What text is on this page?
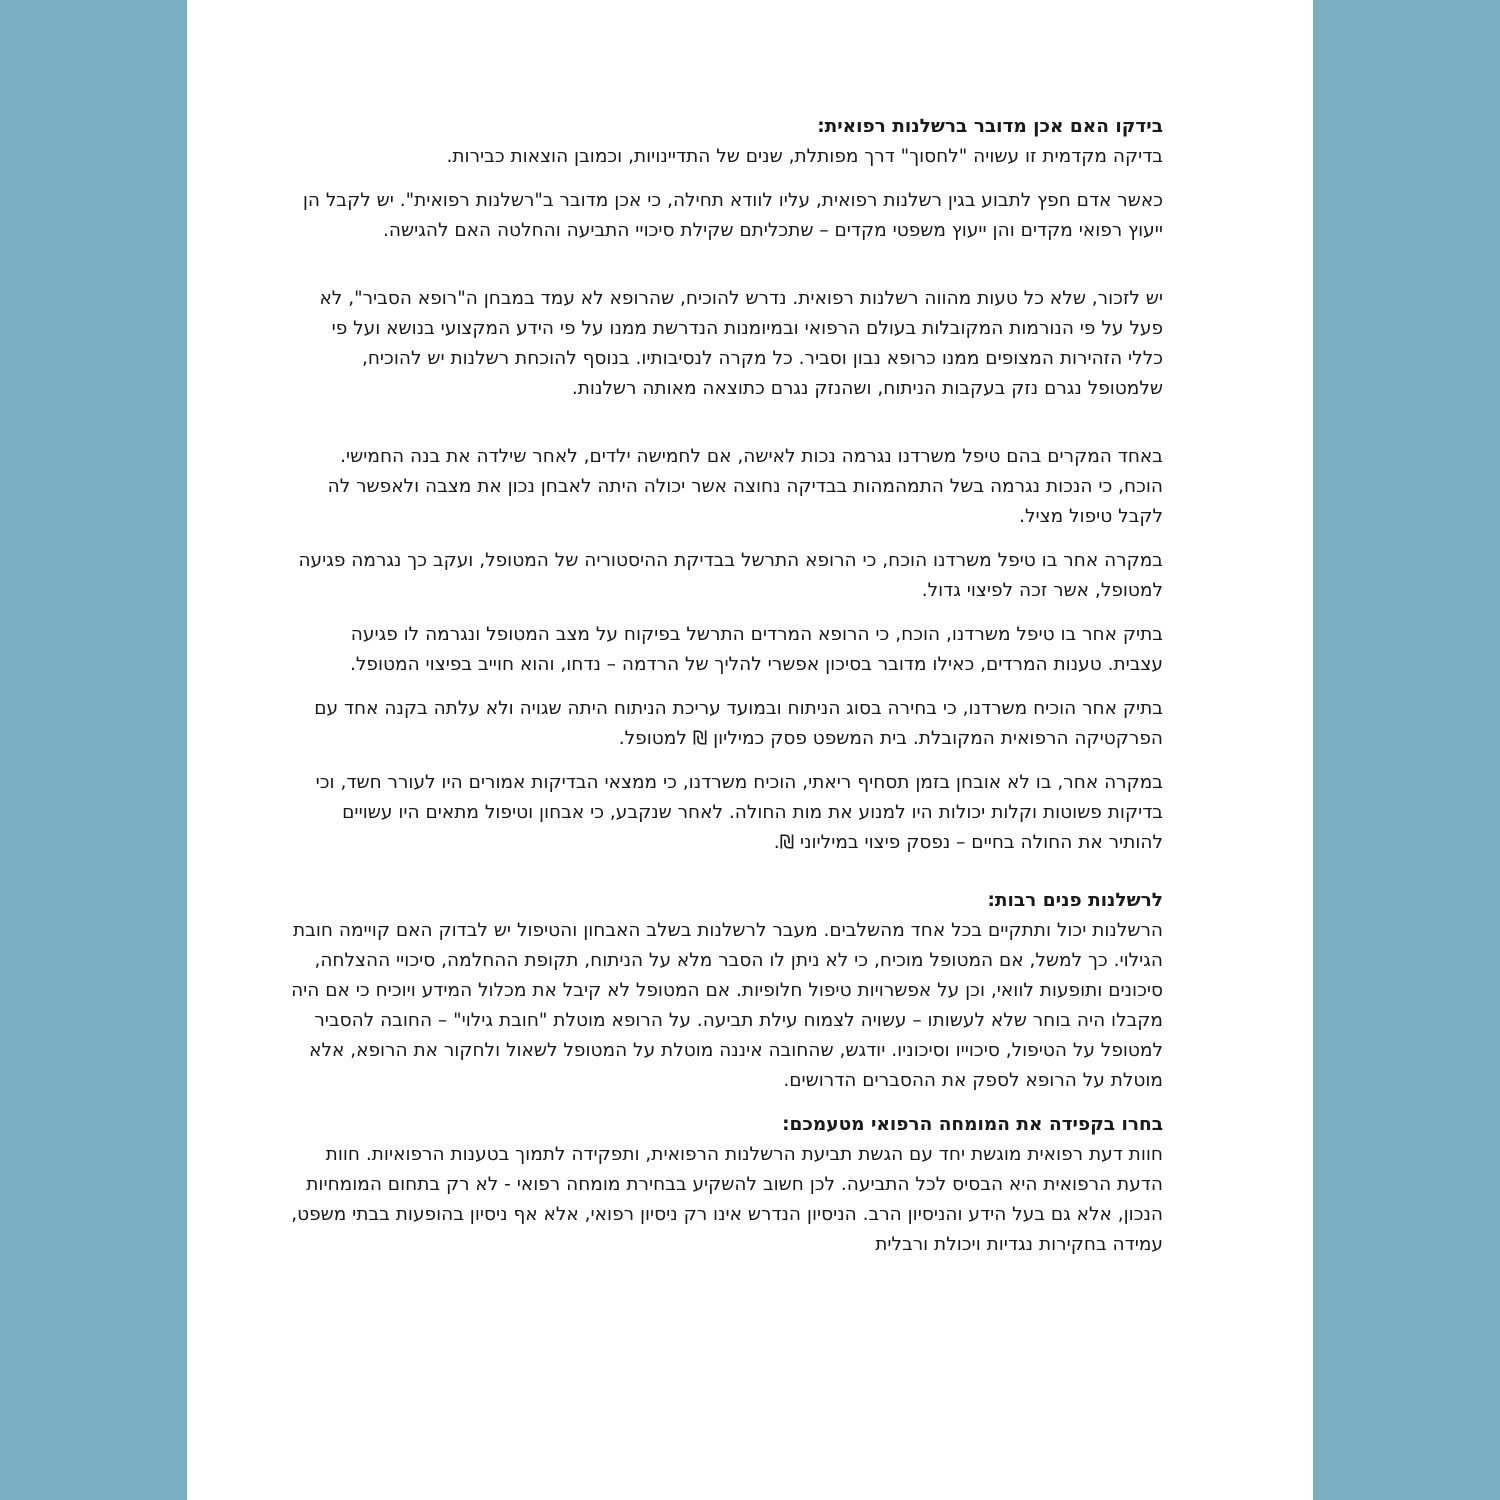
בידקו האם אכן מדובר ברשלנות רפואית:

בדיקה מקדמית זו עשויה "לחסוך" דרך מפותלת, שנים של התדיינויות, וכמובן הוצאות כבירות.

כאשר אדם חפץ לתבוע בגין רשלנות רפואית, עליו לוודא תחילה, כי אכן מדובר ב"רשלנות רפואית". יש לקבל הן ייעוץ רפואי מקדים והן ייעוץ משפטי מקדים – שתכליתם שקילת סיכויי התביעה והחלטה האם להגישה.

יש לזכור, שלא כל טעות מהווה רשלנות רפואית. נדרש להוכיח, שהרופא לא עמד במבחן ה"רופא הסביר", לא פעל על פי הנורמות המקובלות בעולם הרפואי ובמיומנות הנדרשת ממנו על פי הידע המקצועי בנושא ועל פי כללי הזהירות המצופים ממנו כרופא נבון וסביר. כל מקרה לנסיבותיו. בנוסף להוכחת רשלנות יש להוכיח, שלמטופל נגרם נזק בעקבות הניתוח, ושהנזק נגרם כתוצאה מאותה רשלנות.

באחד המקרים בהם טיפל משרדנו נגרמה נכות לאישה, אם לחמישה ילדים, לאחר שילדה את בנה החמישי. הוכח, כי הנכות נגרמה בשל התמהמהות בבדיקה נחוצה אשר יכולה היתה לאבחן נכון את מצבה ולאפשר לה לקבל טיפול מציל.

במקרה אחר בו טיפל משרדנו הוכח, כי הרופא התרשל בבדיקת ההיסטוריה של המטופל, ועקב כך נגרמה פגיעה למטופל, אשר זכה לפיצוי גדול.

בתיק אחר בו טיפל משרדנו, הוכח, כי הרופא המרדים התרשל בפיקוח על מצב המטופל ונגרמה לו פגיעה עצבית. טענות המרדים, כאילו מדובר בסיכון אפשרי להליך של הרדמה – נדחו, והוא חוייב בפיצוי המטופל.

בתיק אחר הוכיח משרדנו, כי בחירה בסוג הניתוח ובמועד עריכת הניתוח היתה שגויה ולא עלתה בקנה אחד עם הפרקטיקה הרפואית המקובלת. בית המשפט פסק כמיליון ₪ למטופל.

במקרה אחר, בו לא אובחן בזמן תסחיף ריאתי, הוכיח משרדנו, כי ממצאי הבדיקות אמורים היו לעורר חשד, וכי בדיקות פשוטות וקלות יכולות היו למנוע את מות החולה. לאחר שנקבע, כי אבחון וטיפול מתאים היו עשויים להותיר את החולה בחיים – נפסק פיצוי במיליוני ₪.

לרשלנות פנים רבות:

הרשלנות יכול ותתקיים בכל אחד מהשלבים. מעבר לרשלנות בשלב האבחון והטיפול יש לבדוק האם קויימה חובת הגילוי. כך למשל, אם המטופל מוכיח, כי לא ניתן לו הסבר מלא על הניתוח, תקופת ההחלמה, סיכויי ההצלחה, סיכונים ותופעות לוואי, וכן על אפשרויות טיפול חלופיות. אם המטופל לא קיבל את מכלול המידע ויוכיח כי אם היה מקבלו היה בוחר שלא לעשותו – עשויה לצמוח עילת תביעה. על הרופא מוטלת "חובת גילוי" – החובה להסביר למטופל על הטיפול, סיכוייו וסיכוניו. יודגש, שהחובה איננה מוטלת על המטופל לשאול ולחקור את הרופא, אלא מוטלת על הרופא לספק את ההסברים הדרושים.

בחרו בקפידה את המומחה הרפואי מטעמכם:

חוות דעת רפואית מוגשת יחד עם הגשת תביעת הרשלנות הרפואית, ותפקידה לתמוך בטענות הרפואיות. חוות הדעת הרפואית היא הבסיס לכל התביעה. לכן חשוב להשקיע בבחירת מומחה רפואי - לא רק בתחום המומחיות הנכון, אלא גם בעל הידע והניסיון הרב. הניסיון הנדרש אינו רק ניסיון רפואי, אלא אף ניסיון בהופעות בבתי משפט, עמידה בחקירות נגדיות ויכולת ורבלית
